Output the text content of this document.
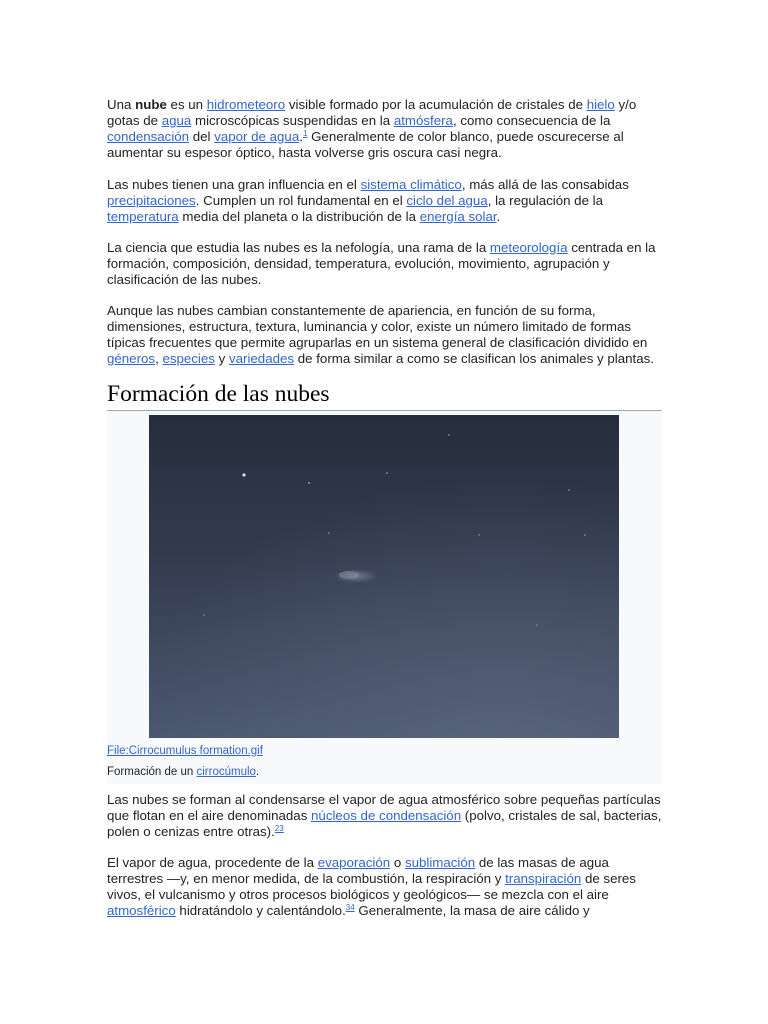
Una nube es un hidrometeoro visible formado por la acumulación de cristales de hielo y/o gotas de agua microscópicas suspendidas en la atmósfera, como consecuencia de la condensación del vapor de agua.$^1$ Generalmente de color blanco, puede oscurecerse al aumentar su espesor óptico, hasta volverse gris oscura casi negra.

Las nubes tienen una gran influencia en el sistema climático, más allá de las consabidas precipitaciones. Cumplen un rol fundamental en el ciclo del agua, la regulación de la temperatura media del planeta o la distribución de la energía solar.

La ciencia que estudia las nubes es la nefología, una rama de la meteorología centrada en la formación, composición, densidad, temperatura, evolución, movimiento, agrupación y clasificación de las nubes.

Aunque las nubes cambian constantemente de apariencia, en función de su forma, dimensiones, estructura, textura, luminancia y color, existe un número limitado de formas típicas frecuentes que permite agruparlas en un sistema general de clasificación dividido en géneros, especies y variedades de forma similar a como se clasifican los animales y plantas.

Formación de las nubes
File:Cirrocumulus formation.gif
Formación de un cirrocúmulo.

Las nubes se forman al condensarse el vapor de agua atmosférico sobre pequeñas partículas que flotan en el aire denominadas núcleos de condensación (polvo, cristales de sal, bacterias, polen o cenizas entre otras).$^{23}$

El vapor de agua, procedente de la evaporación o sublimación de las masas de agua terrestres —y, en menor medida, de la combustión, la respiración y transpiración de seres vivos, el vulcanismo y otros procesos biológicos y geológicos— se mezcla con el aire atmosférico hidratándolo y calentándolo.$^{34}$ Generalmente, la masa de aire cálido y
